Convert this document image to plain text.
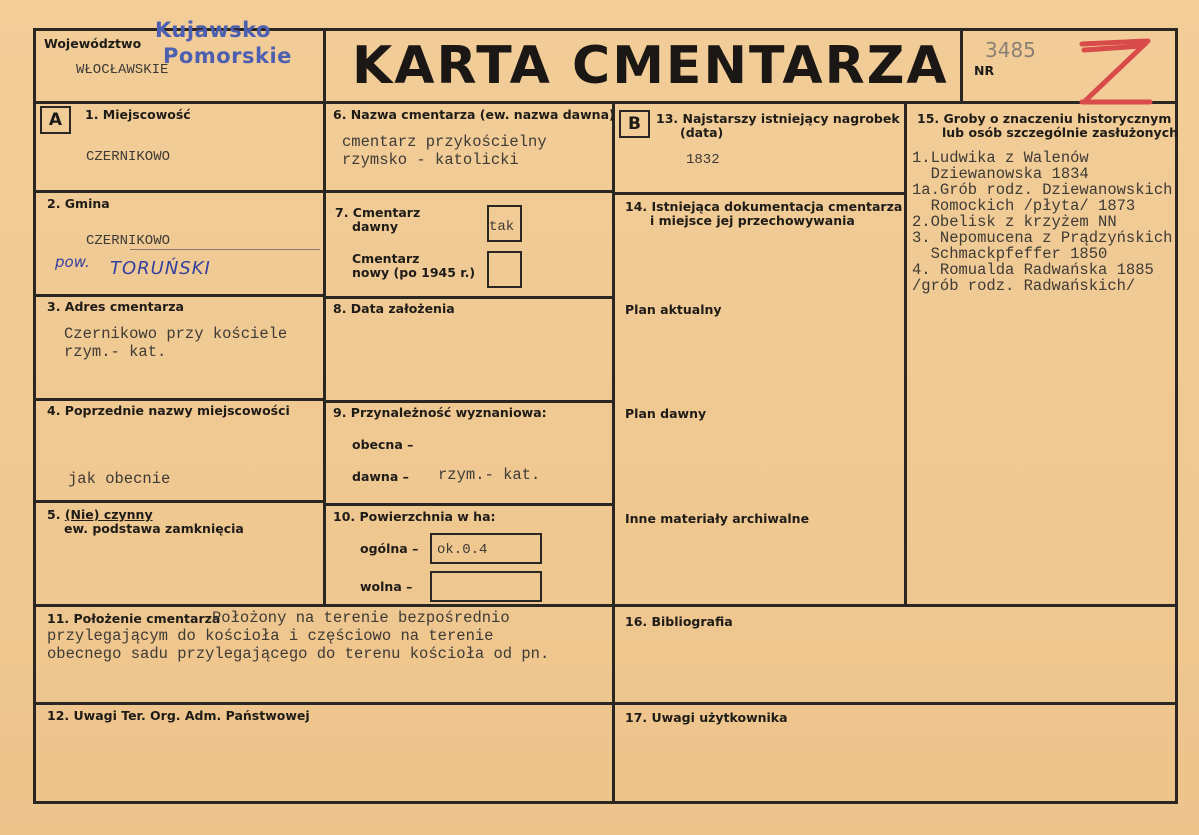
Województwo
WŁOCŁAWSKIE
Kujawsko
Pomorskie KARTA CMENTARZA NR
3485
A	1. Miejscowość
CZERNIKOWO
2. Gmina
CZERNIKOWO
pow. TORUŃSKI
3. Adres cmentarza
Czernikowo przy kościele
rzym.- kat.
4. Poprzednie nazwy miejscowości
jak obecnie
5. (Nie) czynny
ew. podstawa zamknięcia
6. Nazwa cmentarza (ew. nazwa dawna)
cmentarz przykościelny
rzymsko - katolicki
7. Cmentarz
dawny	tak
Cmentarz
nowy (po 1945 r.)
8. Data założenia
9. Przynależność wyznaniowa:
obecna –
dawna – rzym.- kat.
10. Powierzchnia w ha:
ogólna – ok.0.4
wolna –
B	13. Najstarszy istniejący nagrobek
(data)
1832
14. Istniejąca dokumentacja cmentarza
i miejsce jej przechowywania
Plan aktualny
Plan dawny
Inne materiały archiwalne
15. Groby o znaczeniu historycznym
lub osób szczególnie zasłużonych
1.Ludwika z Walenów
Dziewanowska 1834
1a.Grób rodz. Dziewanowskich
Romockich /płyta/ 1873
2.Obelisk z krzyżem NN
3. Nepomucena z Prądzyńskich
Schmackpfeffer 1850
4. Romualda Radwańska 1885
/grób rodz. Radwańskich/
11. Położenie cmentarza
Położony na terenie bezpośrednio
przylegającym do kościoła i częściowo na terenie
obecnego sadu przylegającego do terenu kościoła od pn.
16. Bibliografia
12. Uwagi Ter. Org. Adm. Państwowej	17. Uwagi użytkownika
